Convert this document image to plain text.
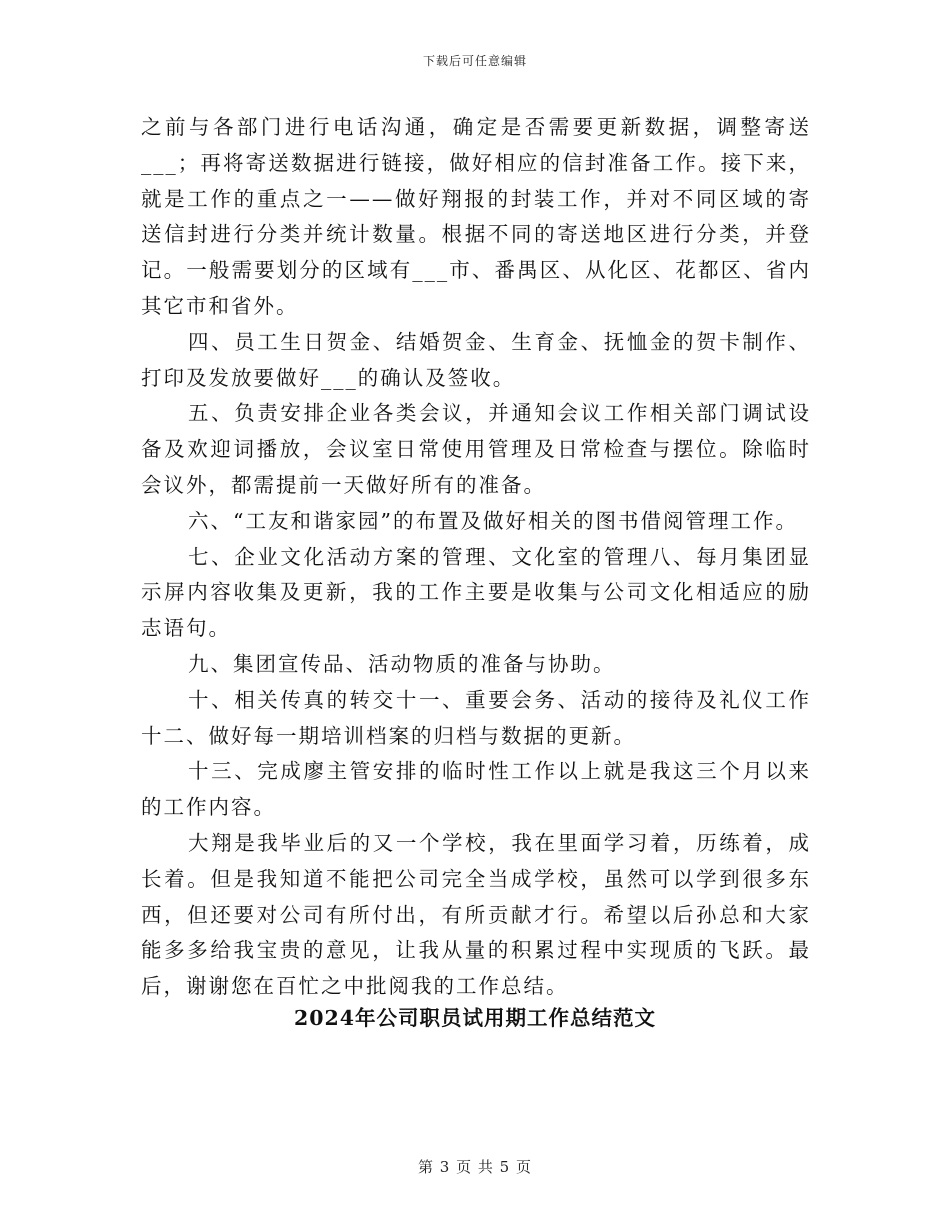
下载后可任意编辑

之前与各部门进行电话沟通，确定是否需要更新数据，调整寄送___；再将寄送数据进行链接，做好相应的信封准备工作。接下来，就是工作的重点之一——做好翔报的封装工作，并对不同区域的寄送信封进行分类并统计数量。根据不同的寄送地区进行分类，并登记。一般需要划分的区域有___市、番禺区、从化区、花都区、省内其它市和省外。

四、员工生日贺金、结婚贺金、生育金、抚恤金的贺卡制作、打印及发放要做好___的确认及签收。

五、负责安排企业各类会议，并通知会议工作相关部门调试设备及欢迎词播放，会议室日常使用管理及日常检查与摆位。除临时会议外，都需提前一天做好所有的准备。

六、“工友和谐家园”的布置及做好相关的图书借阅管理工作。

七、企业文化活动方案的管理、文化室的管理八、每月集团显示屏内容收集及更新，我的工作主要是收集与公司文化相适应的励志语句。

九、集团宣传品、活动物质的准备与协助。

十、相关传真的转交十一、重要会务、活动的接待及礼仪工作十二、做好每一期培训档案的归档与数据的更新。

十三、完成廖主管安排的临时性工作以上就是我这三个月以来的工作内容。

大翔是我毕业后的又一个学校，我在里面学习着，历练着，成长着。但是我知道不能把公司完全当成学校，虽然可以学到很多东西，但还要对公司有所付出，有所贡献才行。希望以后孙总和大家能多多给我宝贵的意见，让我从量的积累过程中实现质的飞跃。最后，谢谢您在百忙之中批阅我的工作总结。

2024年公司职员试用期工作总结范文
第 3 页 共 5 页
